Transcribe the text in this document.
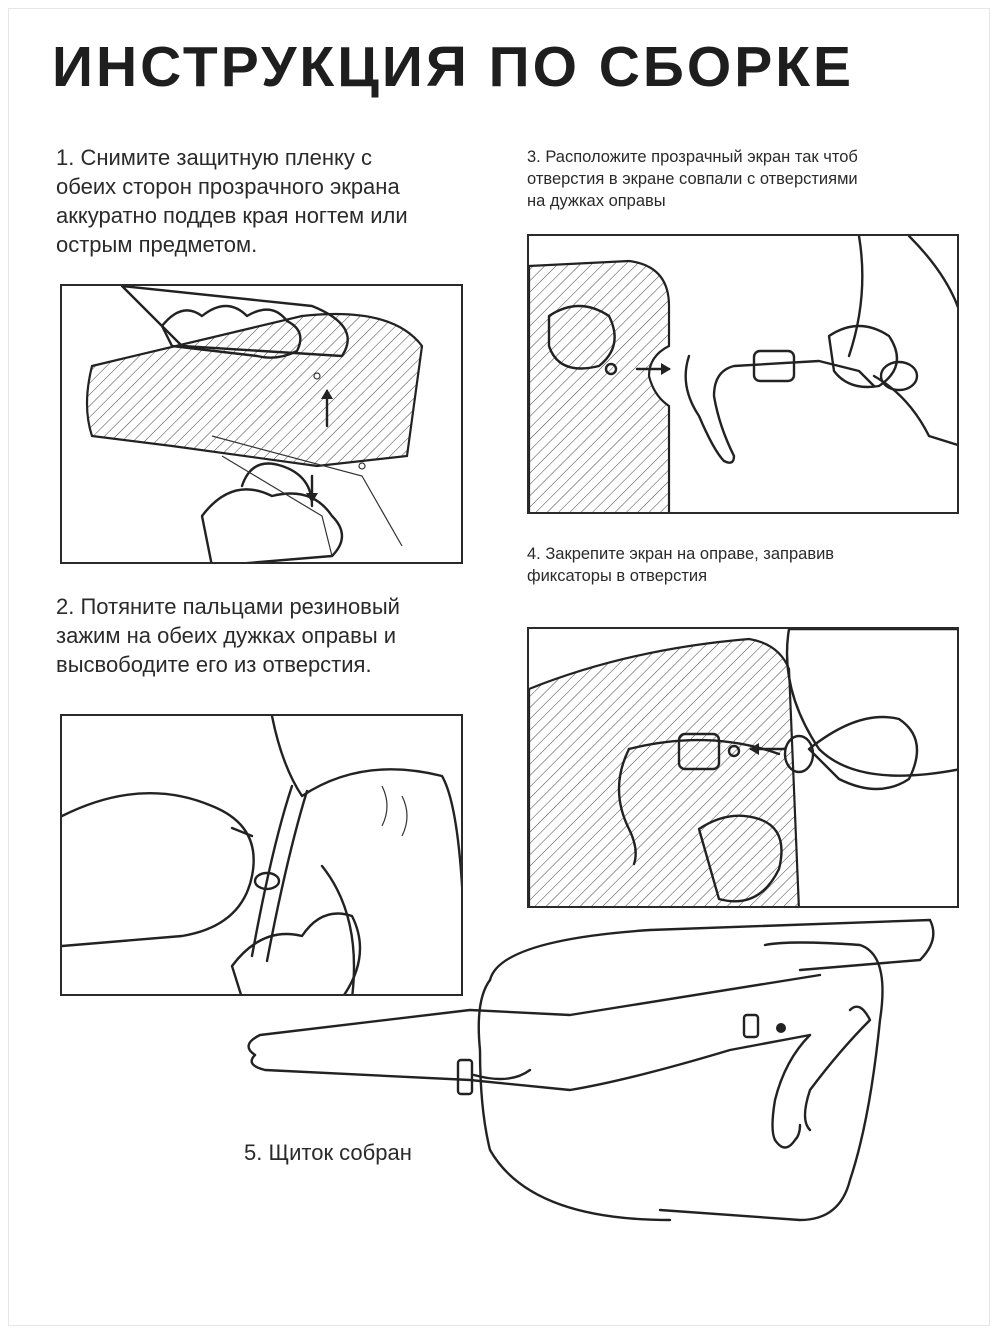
ИНСТРУКЦИЯ ПО СБОРКЕ

1. Снимите защитную пленку с
обеих сторон прозрачного экрана
аккуратно поддев края ногтем или
острым предметом.

2. Потяните пальцами резиновый
зажим на обеих дужках оправы и
высвободите его из отверстия.

3. Расположите прозрачный экран так чтоб
отверстия в экране совпали с отверстиями
на дужках оправы

4. Закрепите экран на оправе, заправив
фиксаторы в отверстия

5. Щиток собран
